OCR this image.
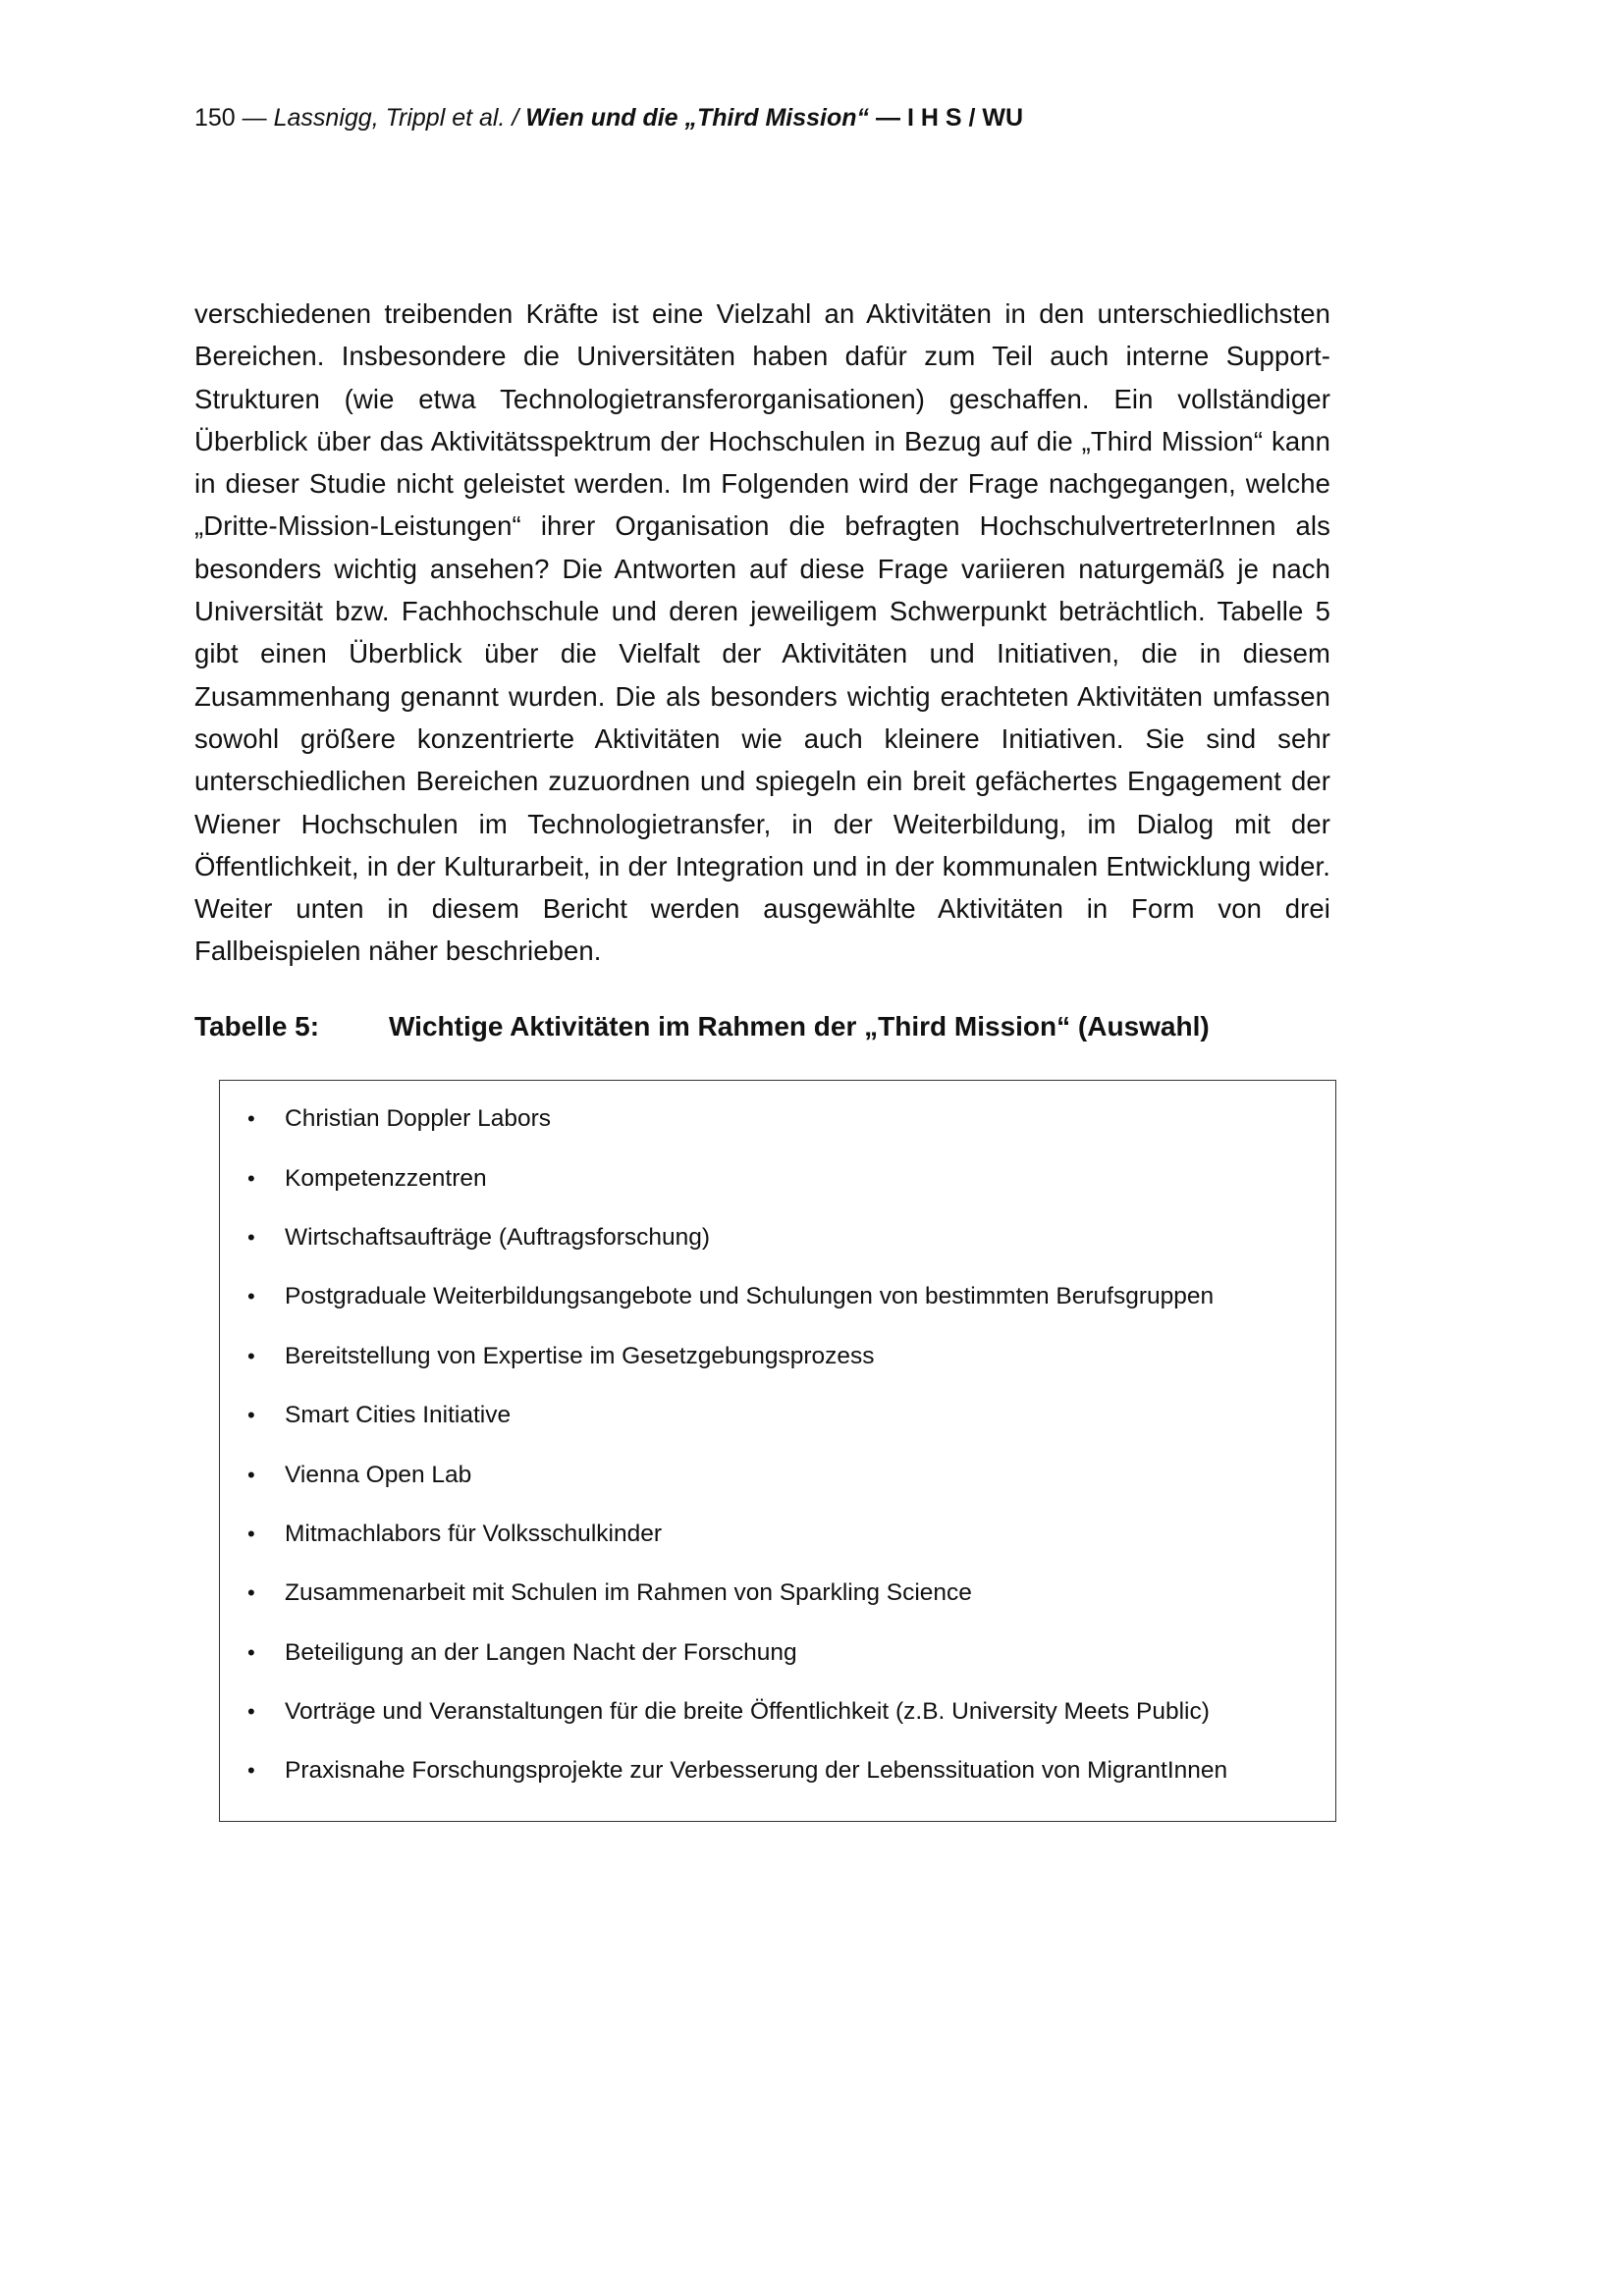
150 — Lassnigg, Trippl et al. / Wien und die „Third Mission“ — I H S / WU

verschiedenen treibenden Kräfte ist eine Vielzahl an Aktivitäten in den unterschiedlichsten Bereichen. Insbesondere die Universitäten haben dafür zum Teil auch interne Support-Strukturen (wie etwa Technologietransferorganisationen) geschaffen. Ein vollständiger Überblick über das Aktivitätsspektrum der Hochschulen in Bezug auf die „Third Mission“ kann in dieser Studie nicht geleistet werden. Im Folgenden wird der Frage nachgegangen, welche „Dritte-Mission-Leistungen“ ihrer Organisation die befragten HochschulvertreterInnen als besonders wichtig ansehen? Die Antworten auf diese Frage variieren naturgemäß je nach Universität bzw. Fachhochschule und deren jeweiligem Schwerpunkt beträchtlich. Tabelle 5 gibt einen Überblick über die Vielfalt der Aktivitäten und Initiativen, die in diesem Zusammenhang genannt wurden. Die als besonders wichtig erachteten Aktivitäten umfassen sowohl größere konzentrierte Aktivitäten wie auch kleinere Initiativen. Sie sind sehr unterschiedlichen Bereichen zuzuordnen und spiegeln ein breit gefächertes Engagement der Wiener Hochschulen im Technologietransfer, in der Weiterbildung, im Dialog mit der Öffentlichkeit, in der Kulturarbeit, in der Integration und in der kommunalen Entwicklung wider. Weiter unten in diesem Bericht werden ausgewählte Aktivitäten in Form von drei Fallbeispielen näher beschrieben.

Tabelle 5:	Wichtige Aktivitäten im Rahmen der „Third Mission“ (Auswahl)
•	Christian Doppler Labors
•	Kompetenzzentren
•	Wirtschaftsaufträge (Auftragsforschung)
•	Postgraduale Weiterbildungsangebote und Schulungen von bestimmten Berufsgruppen
•	Bereitstellung von Expertise im Gesetzgebungsprozess
•	Smart Cities Initiative
•	Vienna Open Lab
•	Mitmachlabors für Volksschulkinder
•	Zusammenarbeit mit Schulen im Rahmen von Sparkling Science
•	Beteiligung an der Langen Nacht der Forschung
•	Vorträge und Veranstaltungen für die breite Öffentlichkeit (z.B. University Meets Public)
•	Praxisnahe Forschungsprojekte zur Verbesserung der Lebenssituation von MigrantInnen
